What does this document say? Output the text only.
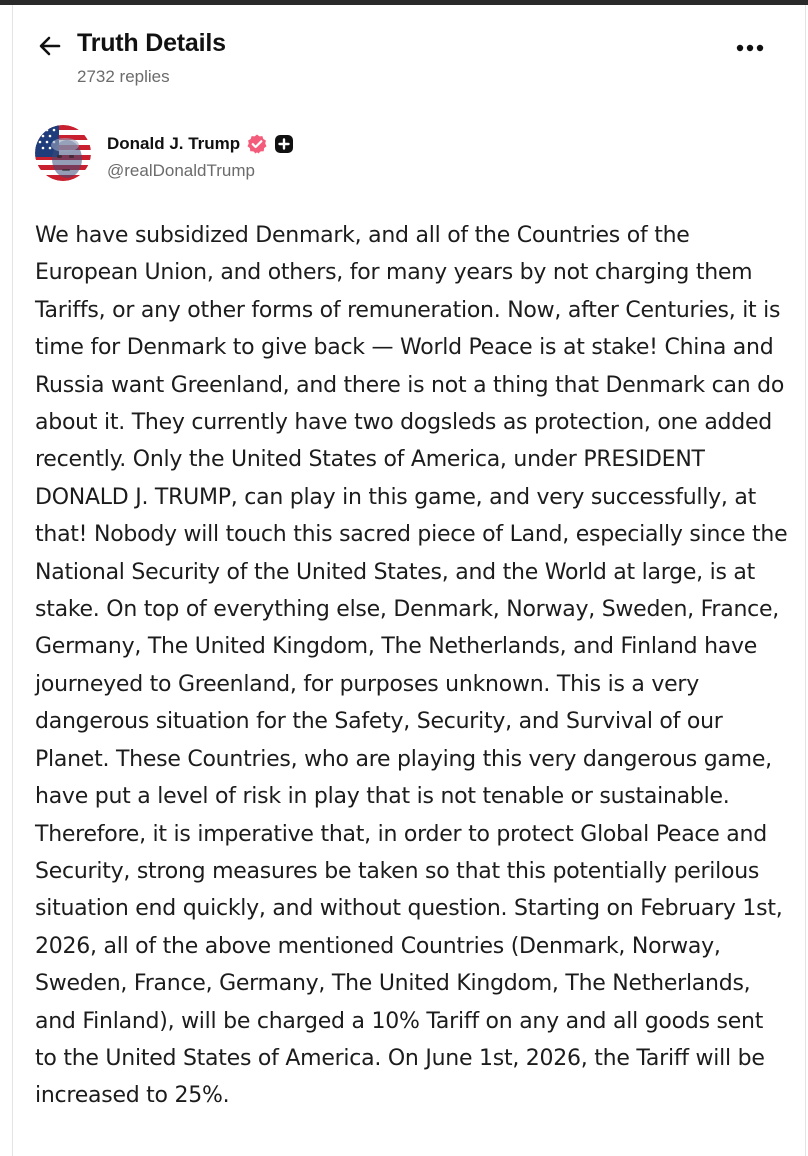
Truth Details
2732 replies
Donald J. Trump
@realDonaldTrump
We have subsidized Denmark, and all of the Countries of the European Union, and others, for many years by not charging them Tariffs, or any other forms of remuneration. Now, after Centuries, it is time for Denmark to give back — World Peace is at stake! China and Russia want Greenland, and there is not a thing that Denmark can do about it. They currently have two dogsleds as protection, one added recently. Only the United States of America, under PRESIDENT DONALD J. TRUMP, can play in this game, and very successfully, at that! Nobody will touch this sacred piece of Land, especially since the National Security of the United States, and the World at large, is at stake. On top of everything else, Denmark, Norway, Sweden, France, Germany, The United Kingdom, The Netherlands, and Finland have journeyed to Greenland, for purposes unknown. This is a very dangerous situation for the Safety, Security, and Survival of our Planet. These Countries, who are playing this very dangerous game, have put a level of risk in play that is not tenable or sustainable. Therefore, it is imperative that, in order to protect Global Peace and Security, strong measures be taken so that this potentially perilous situation end quickly, and without question. Starting on February 1st, 2026, all of the above mentioned Countries (Denmark, Norway, Sweden, France, Germany, The United Kingdom, The Netherlands, and Finland), will be charged a 10% Tariff on any and all goods sent to the United States of America. On June 1st, 2026, the Tariff will be increased to 25%.
